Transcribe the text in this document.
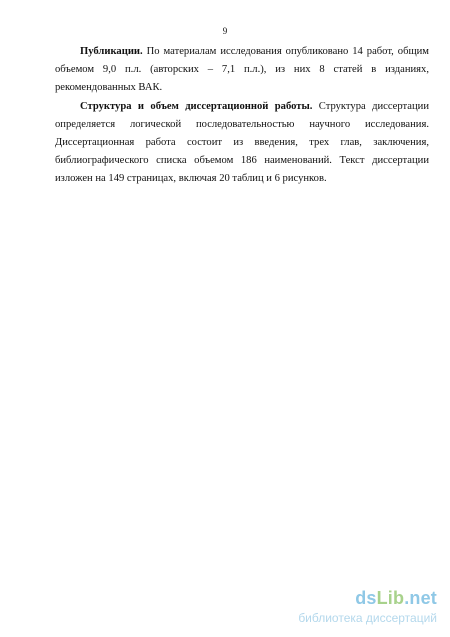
9

Публикации. По материалам исследования опубликовано 14 работ, общим объемом 9,0 п.л. (авторских – 7,1 п.л.), из них 8 статей в изданиях, рекомендованных ВАК.

Структура и объем диссертационной работы. Структура диссертации определяется логической последовательностью научного исследования. Диссертационная работа состоит из введения, трех глав, заключения, библиографического списка объемом 186 наименований. Текст диссертации изложен на 149 страницах, включая 20 таблиц и 6 рисунков.

dsLib.net
библиотека диссертаций
